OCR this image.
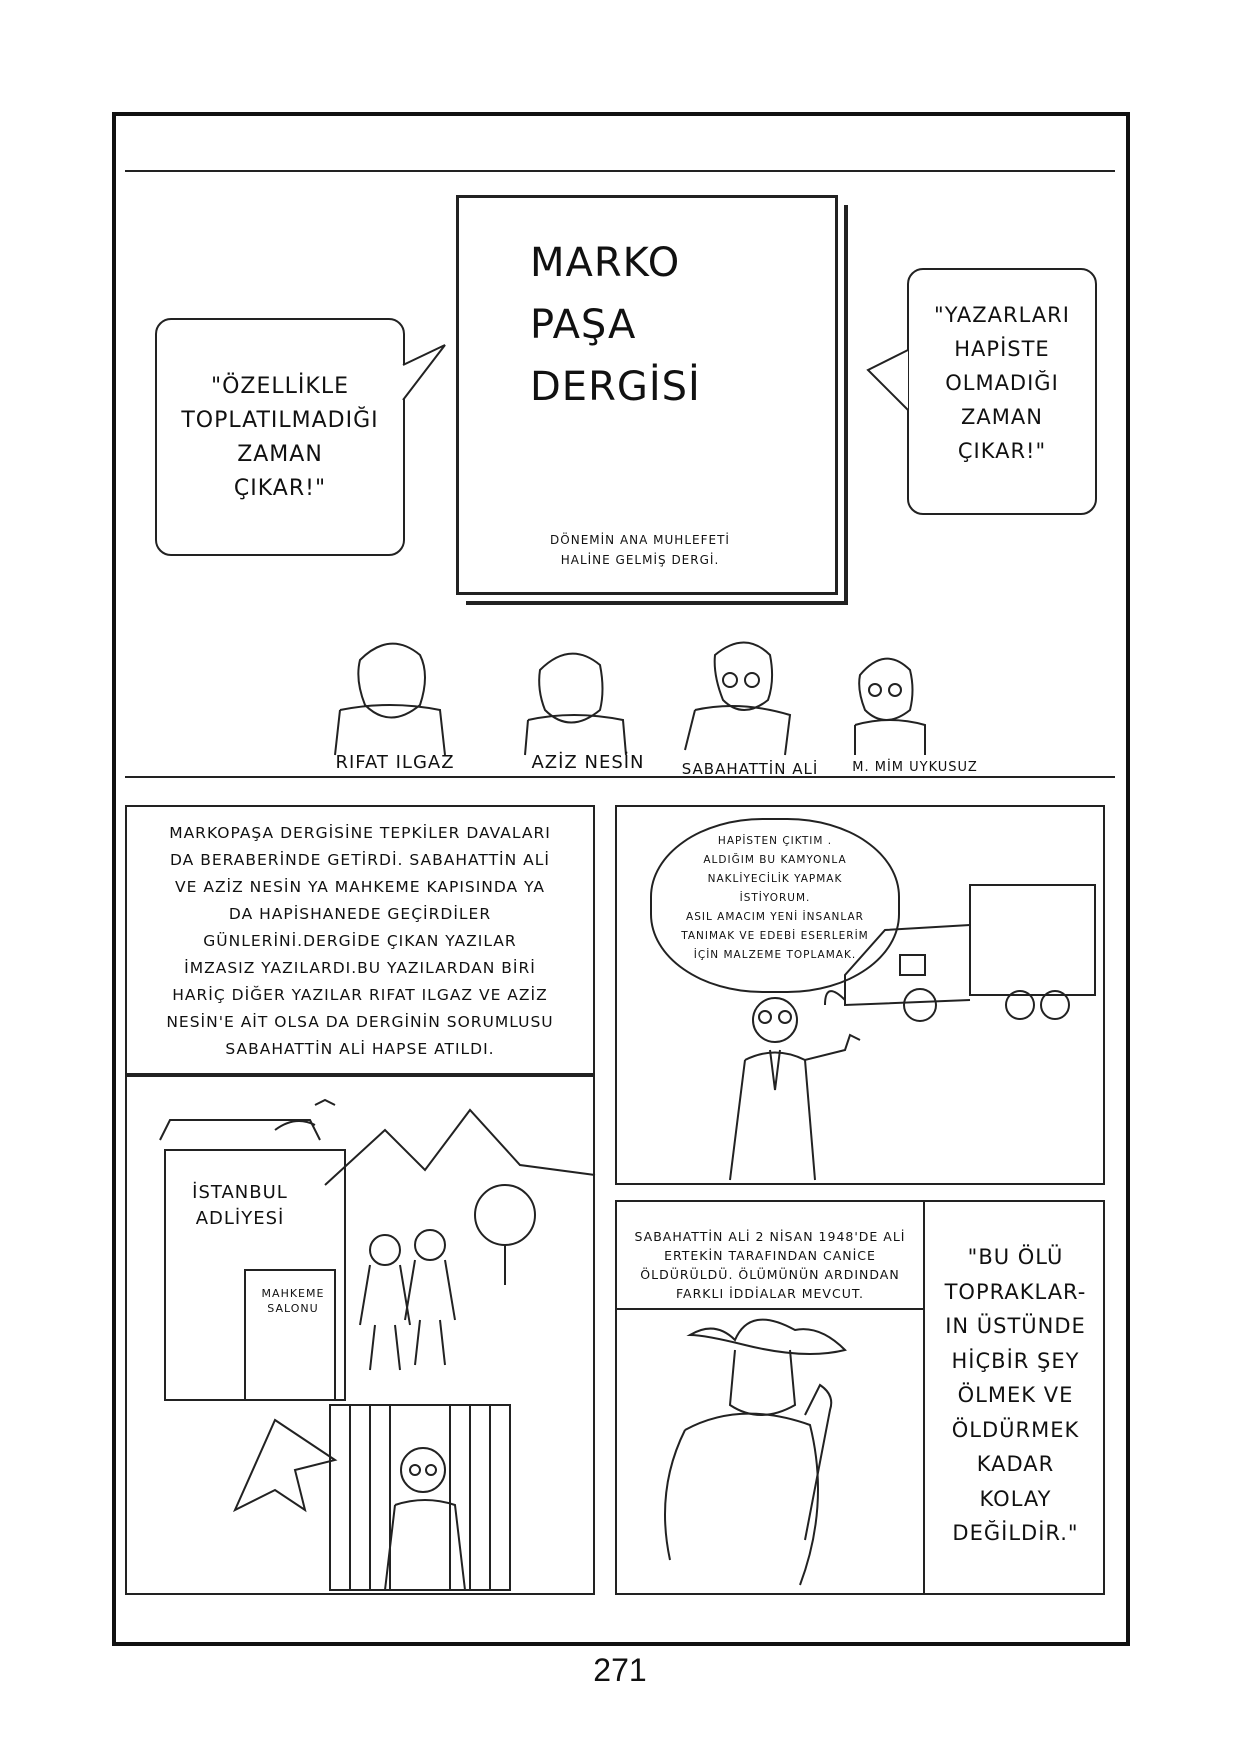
MARKO
PAŞA
DERGİSİ
DÖNEMİN ANA MUHLEFETİ
HALİNE GELMİŞ DERGİ.
"ÖZELLİKLE
TOPLATILMADIĞI
ZAMAN
ÇIKAR!"
"YAZARLARI
HAPİSTE
OLMADIĞI
ZAMAN
ÇIKAR!"
RIFAT ILGAZ	AZİZ NESİN	SABAHATTİN ALİ	M. MİM UYKUSUZ
MARKOPAŞA DERGİSİNE TEPKİLER DAVALARI
DA BERABERİNDE GETİRDİ. SABAHATTİN ALİ
VE AZİZ NESİN YA MAHKEME KAPISINDA YA
DA HAPİSHANEDE GEÇİRDİLER
GÜNLERİNİ.DERGİDE ÇIKAN YAZILAR
İMZASIZ YAZILARDI.BU YAZILARDAN BİRİ
HARİÇ DİĞER YAZILAR RIFAT ILGAZ VE AZİZ
NESİN'E AİT OLSA DA DERGİNİN SORUMLUSU
SABAHATTİN ALİ HAPSE ATILDI.
İSTANBUL
ADLİYESİ
MAHKEME
SALONU
HAPİSTEN ÇIKTIM .
ALDIĞIM BU KAMYONLA
NAKLİYECİLİK YAPMAK
İSTİYORUM.
ASIL AMACIM YENİ İNSANLAR
TANIMAK VE EDEBİ ESERLERİM
İÇİN MALZEME TOPLAMAK.
SABAHATTİN ALİ 2 NİSAN 1948'DE ALİ
ERTEKİN TARAFINDAN CANİCE
ÖLDÜRÜLDÜ. ÖLÜMÜNÜN ARDINDAN
FARKLI İDDİALAR MEVCUT.
"BU ÖLÜ
TOPRAKLAR-
IN ÜSTÜNDE
HİÇBİR ŞEY
ÖLMEK VE
ÖLDÜRMEK
KADAR
KOLAY
DEĞİLDİR."
271
